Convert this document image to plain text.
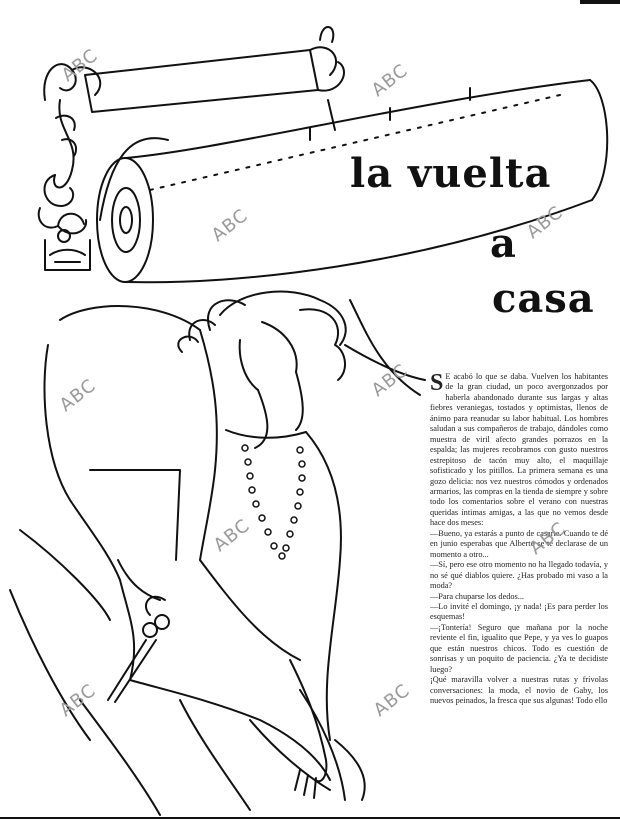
la vuelta
a
casa

S E acabó lo que se daba. Vuelven los habitantes de la gran ciudad, un poco avergonzados por haberla abandonado durante sus largas y altas fiebres veraniegas, tostados y optimistas, llenos de ánimo para reanudar su labor habitual. Los hombres saludan a sus compañeros de trabajo, dándoles como muestra de viril afecto grandes porrazos en la espalda; las mujeres recobramos con gusto nuestros estrepitoso de tacón muy alto, el maquillaje sofisticado y los pitillos. La primera semana es una gozo delicia: nos vez nuestros cómodos y ordenados armarios, las compras en la tienda de siempre y sobre todo los comentarios sobre el verano con nuestras queridas íntimas amigas, a las que no vemos desde hace dos meses:

—Bueno, ya estarás a punto de casarte. Cuando te dé en junio esperabas que Alberto se te declarase de un momento a otro...

—Sí, pero ese otro momento no ha llegado todavía, y no sé qué diablos quiere. ¿Has probado mi vaso a la moda?

—Para chuparse los dedos...

—Lo invité el domingo, ¡y nada! ¡Es para perder los esquemas!

—¡Tontería! Seguro que mañana por la noche reviente el fin, igualito que Pepe, y ya ves lo guapos que están nuestros chicos. Todo es cuestión de sonrisas y un poquito de paciencia. ¿Ya te decidiste luego?

¡Qué maravilla volver a nuestras rutas y frívolas conversaciones: la moda, el novio de Gaby, los nuevos peinados, la fresca que sus algunas! Todo ello

ABC	ABC
ABC	ABC
ABC	ABC
ABC	ABC
ABC	ABC
